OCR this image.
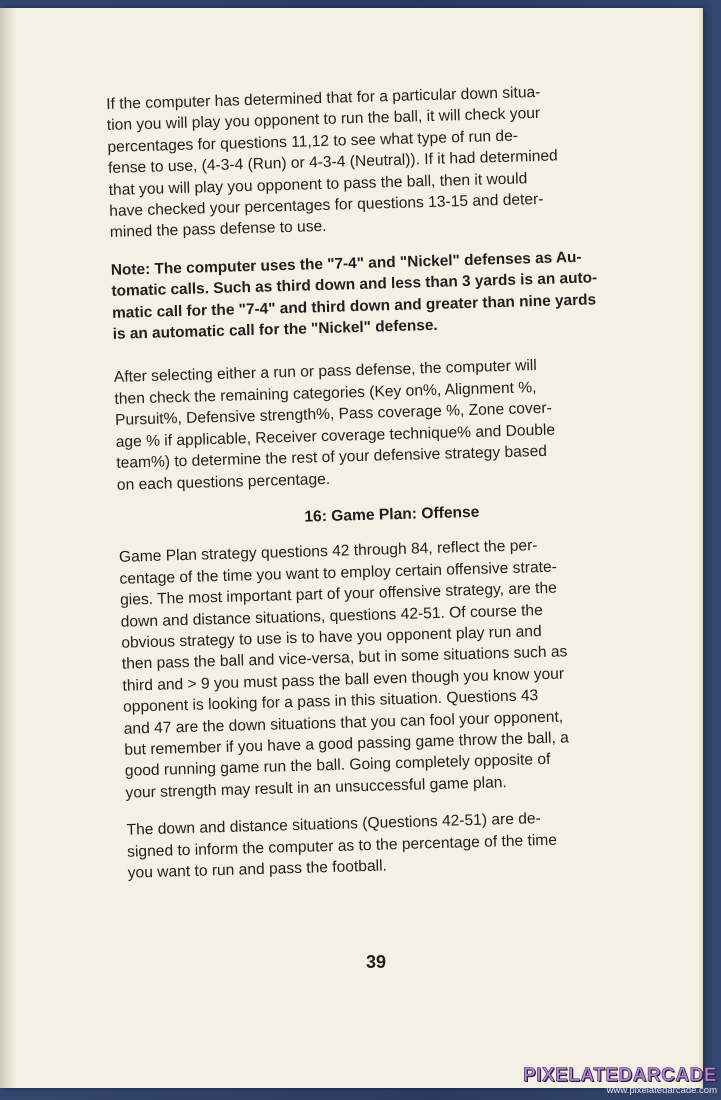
If the computer has determined that for a particular down situa-
tion you will play you opponent to run the ball, it will check your
percentages for questions 11,12 to see what type of run de-
fense to use, (4-3-4 (Run) or 4-3-4 (Neutral)). If it had determined
that you will play you opponent to pass the ball, then it would
have checked your percentages for questions 13-15 and deter-
mined the pass defense to use.

Note: The computer uses the "7-4" and "Nickel" defenses as Au-
tomatic calls. Such as third down and less than 3 yards is an auto-
matic call for the "7-4" and third down and greater than nine yards
is an automatic call for the "Nickel" defense.

After selecting either a run or pass defense, the computer will
then check the remaining categories (Key on%, Alignment %,
Pursuit%, Defensive strength%, Pass coverage %, Zone cover-
age % if applicable, Receiver coverage technique% and Double
team%) to determine the rest of your defensive strategy based
on each questions percentage.

16: Game Plan: Offense

Game Plan strategy questions 42 through 84, reflect the per-
centage of the time you want to employ certain offensive strate-
gies. The most important part of your offensive strategy, are the
down and distance situations, questions 42-51. Of course the
obvious strategy to use is to have you opponent play run and
then pass the ball and vice-versa, but in some situations such as
third and > 9 you must pass the ball even though you know your
opponent is looking for a pass in this situation. Questions 43
and 47 are the down situations that you can fool your opponent,
but remember if you have a good passing game throw the ball, a
good running game run the ball. Going completely opposite of
your strength may result in an unsuccessful game plan.

The down and distance situations (Questions 42-51) are de-
signed to inform the computer as to the percentage of the time
you want to run and pass the football.

39
PIXELATEDARCADE
www.pixelatedarcade.com
